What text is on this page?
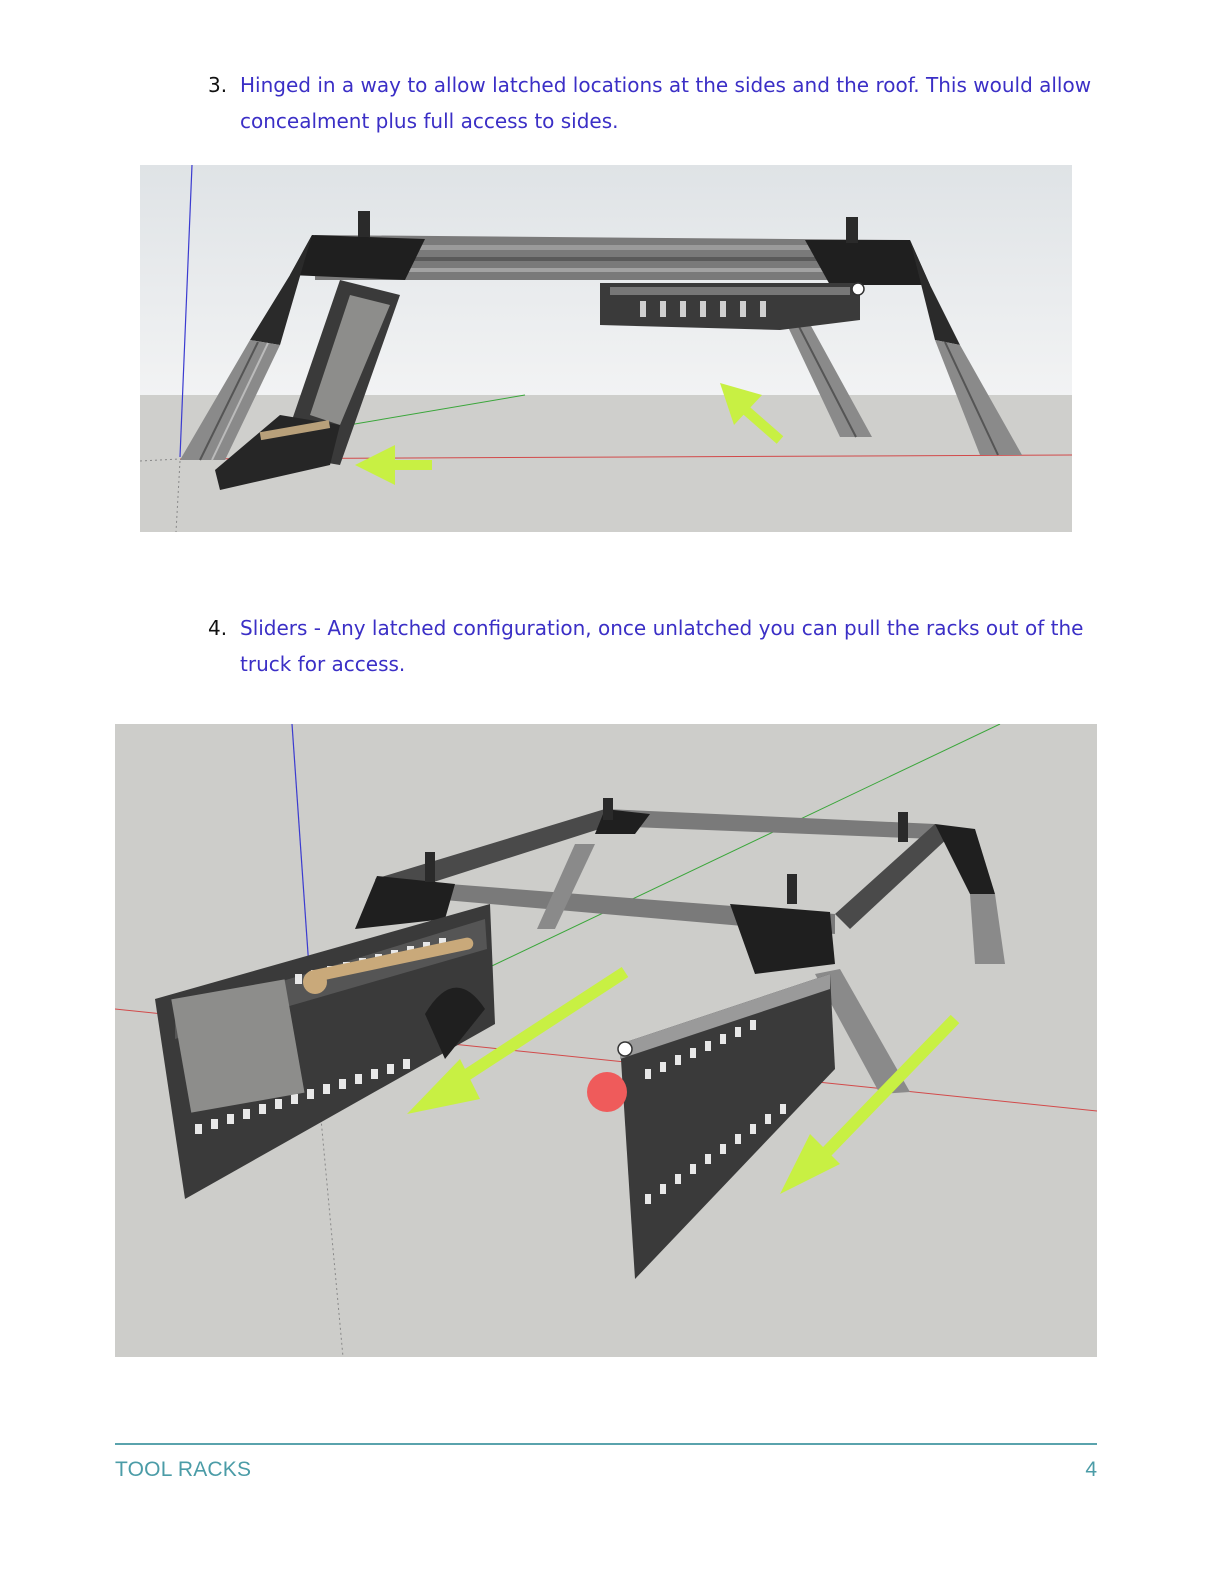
3. Hinged in a way to allow latched locations at the sides and the roof. This would allow concealment plus full access to sides.
4. Sliders - Any latched configuration, once unlatched you can pull the racks out of the truck for access.
TOOL RACKS	4
